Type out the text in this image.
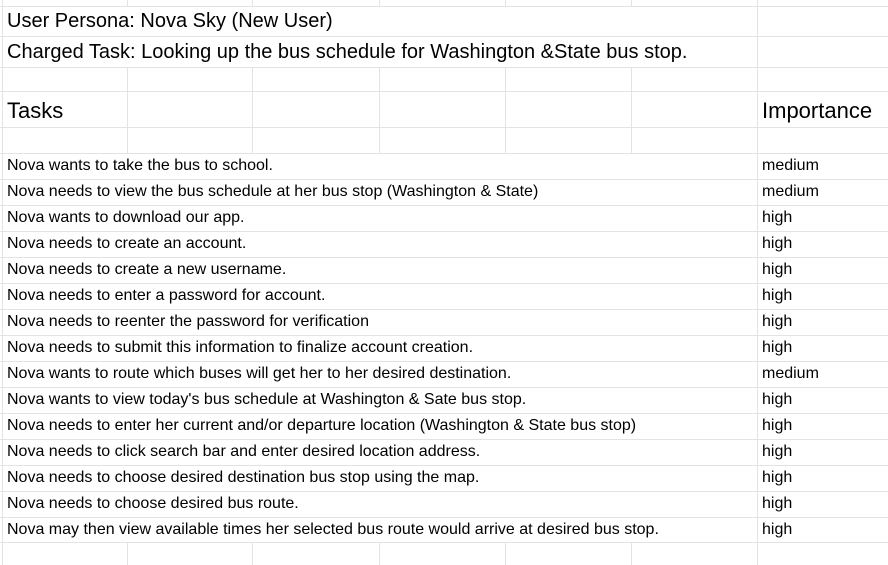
User Persona: Nova Sky (New User)
Charged Task: Looking up the bus schedule for Washington &State bus stop.
Tasks	Importance
Nova wants to take the bus to school.	medium
Nova needs to view the bus schedule at her bus stop (Washington & State)	medium
Nova wants to download our app.	high
Nova needs to create an account.	high
Nova needs to create a new username.	high
Nova needs to enter a password for account.	high
Nova needs to reenter the password for verification	high
Nova needs to submit this information to finalize account creation.	high
Nova wants to route which buses will get her to her desired destination.	medium
Nova wants to view today's bus schedule at Washington & Sate bus stop.	high
Nova needs to enter her current and/or departure location (Washington & State bus stop)	high
Nova needs to click search bar and enter desired location address.	high
Nova needs to choose desired destination bus stop using the map.	high
Nova needs to choose desired bus route.	high
Nova may then view available times her selected bus route would arrive at desired bus stop.	high
